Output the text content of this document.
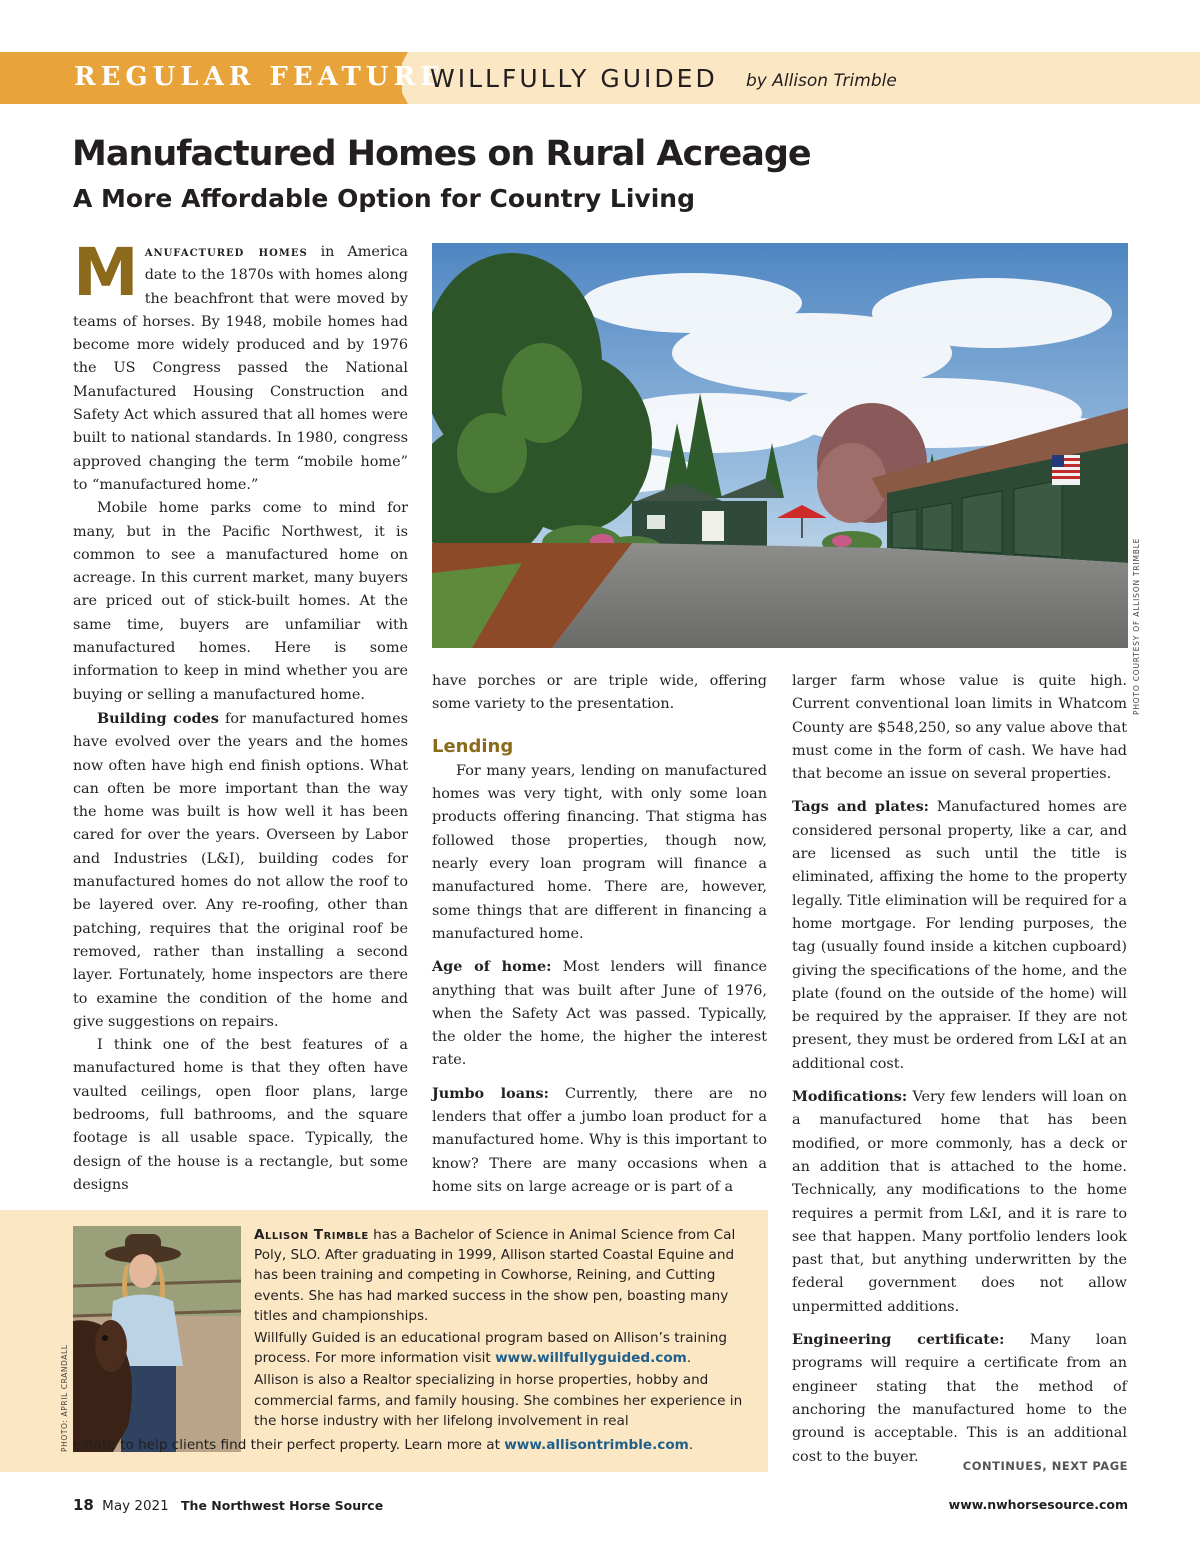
REGULAR FEATURE
WILLFULLY GUIDED by Allison Trimble
Manufactured Homes on Rural Acreage
A More Affordable Option for Country Living

Manufactured homes in America date to the 1870s with homes along the beachfront that were moved by teams of horses. By 1948, mobile homes had become more widely produced and by 1976 the US Congress passed the National Manufactured Housing Construction and Safety Act which assured that all homes were built to national standards. In 1980, congress approved changing the term “mobile home” to “manufactured home.”

Mobile home parks come to mind for many, but in the Pacific Northwest, it is common to see a manufactured home on acreage. In this current market, many buyers are priced out of stick-built homes. At the same time, buyers are unfamiliar with manufactured homes. Here is some information to keep in mind whether you are buying or selling a manufactured home.

Building codes for manufactured homes have evolved over the years and the homes now often have high end finish options. What can often be more important than the way the home was built is how well it has been cared for over the years. Overseen by Labor and Industries (L&I), building codes for manufactured homes do not allow the roof to be layered over. Any re-roofing, other than patching, requires that the original roof be removed, rather than installing a second layer. Fortunately, home inspectors are there to examine the condition of the home and give suggestions on repairs.

I think one of the best features of a manufactured home is that they often have vaulted ceilings, open floor plans, large bedrooms, full bathrooms, and the square footage is all usable space. Typically, the design of the house is a rectangle, but some designs

PHOTO COURTESY OF ALLISON TRIMBLE

have porches or are triple wide, offering some variety to the presentation.

Lending

For many years, lending on manufactured homes was very tight, with only some loan products offering financing. That stigma has followed those properties, though now, nearly every loan program will finance a manufactured home. There are, however, some things that are different in financing a manufactured home.

Age of home: Most lenders will finance anything that was built after June of 1976, when the Safety Act was passed. Typically, the older the home, the higher the interest rate.

Jumbo loans: Currently, there are no lenders that offer a jumbo loan product for a manufactured home. Why is this important to know? There are many occasions when a home sits on large acreage or is part of a

larger farm whose value is quite high. Current conventional loan limits in Whatcom County are $548,250, so any value above that must come in the form of cash. We have had that become an issue on several properties.

Tags and plates: Manufactured homes are considered personal property, like a car, and are licensed as such until the title is eliminated, affixing the home to the property legally. Title elimination will be required for a home mortgage. For lending purposes, the tag (usually found inside a kitchen cupboard) giving the specifications of the home, and the plate (found on the outside of the home) will be required by the appraiser. If they are not present, they must be ordered from L&I at an additional cost.

Modifications: Very few lenders will loan on a manufactured home that has been modified, or more commonly, has a deck or an addition that is attached to the home. Technically, any modifications to the home requires a permit from L&I, and it is rare to see that happen. Many portfolio lenders look past that, but anything underwritten by the federal government does not allow unpermitted additions.

Engineering certificate: Many loan programs will require a certificate from an engineer stating that the method of anchoring the manufactured home to the ground is acceptable. This is an additional cost to the buyer.

PHOTO: APRIL CRANDALL

Allison Trimble has a Bachelor of Science in Animal Science from Cal Poly, SLO. After graduating in 1999, Allison started Coastal Equine and has been training and competing in Cowhorse, Reining, and Cutting events. She has had marked success in the show pen, boasting many titles and championships.

Willfully Guided is an educational program based on Allison’s training process. For more information visit www.willfullyguided.com.

Allison is also a Realtor specializing in horse properties, hobby and commercial farms, and family housing. She combines her experience in the horse industry with her lifelong involvement in real

estate to help clients find their perfect property. Learn more at www.allisontrimble.com.
CONTINUES, NEXT PAGE
18 May 2021 The Northwest Horse Source	www.nwhorsesource.com
